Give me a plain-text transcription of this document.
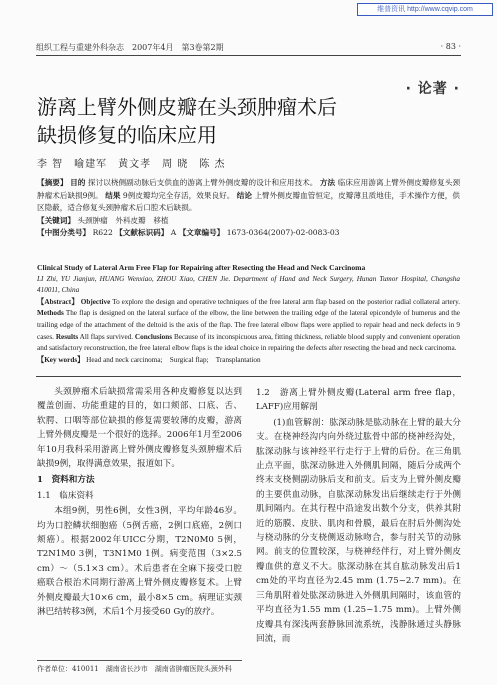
维普资讯 http://www.cqvip.com
组织工程与重建外科杂志　2007年4月　第3卷第2期	· 83 ·
· 论著 ·
游离上臂外侧皮瓣在头颈肿瘤术后
缺损修复的临床应用
李 智　喻建军　黄文孝　周 晓　陈 杰
【摘要】 目的 探讨以桡侧副动脉后支供血的游离上臂外侧皮瓣的设计和应用技术。 方法 临床应用游离上臂外侧皮瓣修复头颈肿瘤术后缺损9例。 结果 9例皮瓣均完全存活，效果良好。 结论 上臂外侧皮瓣血管恒定，皮瓣薄且质地佳，手术操作方便，供区隐蔽，适合修复头颈肿瘤术后口腔术后缺损。
【关键词】 头颈肿瘤　外科皮瓣　移植
【中图分类号】 R622 【文献标识码】 A 【文章编号】 1673-0364(2007)-02-0083-03
Clinical Study of Lateral Arm Free Flap for Repairing after Resecting the Head and Neck Carcinoma
LI Zhi, YU Jianjun, HUANG Wenxiao, ZHOU Xiao, CHEN Jie. Department of Hand and Neck Surgery, Hunan Tumor Hospital, Changsha 410011, China
【Abstract】 Objective To explore the design and operative techniques of the free lateral arm flap based on the posterior radial collateral artery. Methods The flap is designed on the lateral surface of the elbow, the line between the trailing edge of the lateral epicondyle of humerus and the trailing edge of the attachment of the deltoid is the axis of the flap. The free lateral elbow flaps were applied to repair head and neck defects in 9 cases. Results All flaps survived. Conclusions Because of its inconspicuous area, fitting thickness, reliable blood supply and convenient operation and satisfactory reconstruction, the free lateral elbow flaps is the ideal choice in repairing the defects after resecting the head and neck carcinoma.
【Key words】 Head and neck carcinoma;　Surgical flap;　Transplantation

头颈肿瘤术后缺损常需采用各种皮瓣修复以达到覆盖创面、功能重建的目的，如口颊部、口底、舌、软腭、口咽等部位缺损的修复需要较薄的皮瓣，游离上臂外侧皮瓣是一个很好的选择。2006年1月至2006年10月我科采用游离上臂外侧皮瓣修复头颈肿瘤术后缺损9例，取得满意效果，报道如下。

1　资料和方法
1.1　临床资料

本组9例，男性6例，女性3例，平均年龄46岁。均为口腔鳞状细胞癌（5例舌癌，2例口底癌，2例口颊癌）。根据2002年UICC分期，T2N0M0 5例，T2N1M0 3例，T3N1M0 1例。病变范围（3×2.5 cm）～（5.1×3 cm）。术后患者在全麻下接受口腔癌联合根治术同期行游离上臂外侧皮瓣修复术。上臂外侧皮瓣最大10×6 cm，最小8×5 cm。病理证实颈淋巴结转移3例，术后1个月接受60 Gy的放疗。

1.2　游离上臂外侧皮瓣(Lateral arm free flap，LAFF)应用解剖

(1)血管解剖：肱深动脉是肱动脉在上臂的最大分支。在桡神经沟内向外绕过肱骨中部的桡神经沟处，肱深动脉与该神经平行走行于上臂的后份。在三角肌止点平面，肱深动脉进入外侧肌间隔，随后分成两个终末支桡侧副动脉后支和前支。后支为上臂外侧皮瓣的主要供血动脉，自肱深动脉发出后继续走行于外侧肌间隔内。在其行程中沿途发出数个分支，供养其附近的筋膜、皮肤、肌肉和骨膜，最后在肘后外侧沟处与桡动脉的分支桡侧返动脉吻合，参与肘关节的动脉网。前支的位置较深，与桡神经伴行，对上臂外侧皮瓣血供的意义不大。肱深动脉在其自肱动脉发出后1 cm处的平均直径为2.45 mm (1.75~2.7 mm)。在三角肌附着处肱深动脉进入外侧肌间隔时，该血管的平均直径为1.55 mm (1.25~1.75 mm)。上臂外侧皮瓣具有深浅两套静脉回流系统，浅静脉通过头静脉回流，而

作者单位：410011　湖南省长沙市　湖南省肿瘤医院头颈外科
